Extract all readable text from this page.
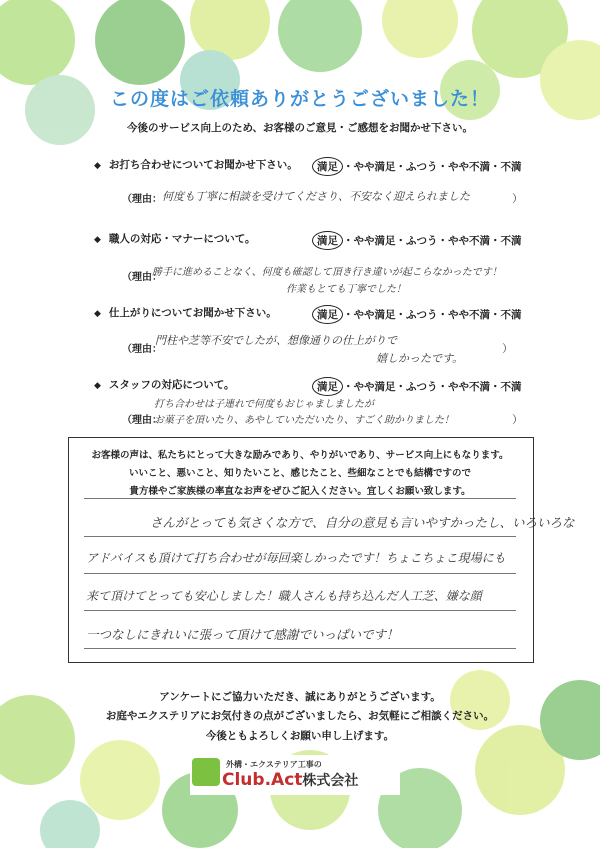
この度はご依頼ありがとうございました！
今後のサービス向上のため、お客様のご意見・ご感想をお聞かせ下さい。
◆ お打ち合わせについてお聞かせ下さい。 満足 ・やや満足・ふつう・やや不満・不満
（理由： 何度も丁寧に相談を受けてくださり、不安なく迎えられました	）
◆ 職人の対応・マナーについて。	満足 ・やや満足・ふつう・やや不満・不満
（理由：
勝手に進めることなく、何度も確認して頂き行き違いが起こらなかったです！
作業もとても丁寧でした！
◆ 仕上がりについてお聞かせ下さい。	満足 ・やや満足・ふつう・やや不満・不満
（理由：
門柱や芝等不安でしたが、想像通りの仕上がりで
嬉しかったです。
）
◆ スタッフの対応について。	満足 ・やや満足・ふつう・やや不満・不満
（理由：
打ち合わせは子連れで何度もおじゃましましたが
お菓子を頂いたり、あやしていただいたり、すごく助かりました！	）
お客様の声は、私たちにとって大きな励みであり、やりがいであり、サービス向上にもなります。
いいこと、悪いこと、知りたいこと、感じたこと、些細なことでも結構ですので
貴方様やご家族様の率直なお声をぜひご記入ください。宜しくお願い致します。
さんがとっても気さくな方で、自分の意見も言いやすかったし、いろいろな
アドバイスも頂けて打ち合わせが毎回楽しかったです！ちょこちょこ現場にも
来て頂けてとっても安心しました！職人さんも持ち込んだ人工芝、嫌な顔
一つなしにきれいに張って頂けて感謝でいっぱいです！
アンケートにご協力いただき、誠にありがとうございます。
お庭やエクステリアにお気付きの点がございましたら、お気軽にご相談ください。
今後ともよろしくお願い申し上げます。
外構・エクステリア工事の
Club.Act株式会社
